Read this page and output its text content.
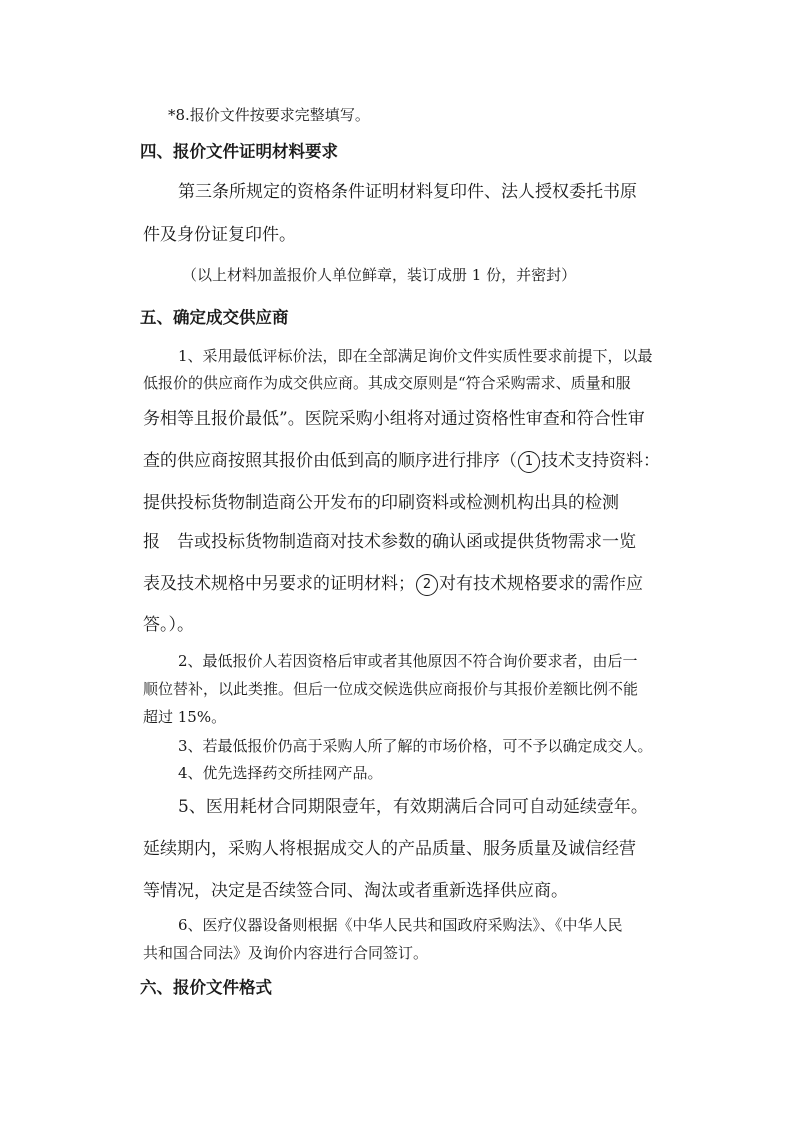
*8.报价文件按要求完整填写。
四、报价文件证明材料要求
第三条所规定的资格条件证明材料复印件、法人授权委托书原
件及身份证复印件。
（以上材料加盖报价人单位鲜章，装订成册 1 份，并密封）
五、确定成交供应商
1、采用最低评标价法，即在全部满足询价文件实质性要求前提下，以最
低报价的供应商作为成交供应商。其成交原则是“符合采购需求、质量和服
务相等且报价最低”。医院采购小组将对通过资格性审查和符合性审
查的供应商按照其报价由低到高的顺序进行排序（ 1 技术支持资料：
提供投标货物制造商公开发布的印刷资料或检测机构出具的检测
报　告或投标货物制造商对技术参数的确认函或提供货物需求一览
表及技术规格中另要求的证明材料； 2 对有技术规格要求的需作应
答。）。
2、最低报价人若因资格后审或者其他原因不符合询价要求者，由后一
顺位替补，以此类推。但后一位成交候选供应商报价与其报价差额比例不能
超过 15%。
3、若最低报价仍高于采购人所了解的市场价格，可不予以确定成交人。
4、优先选择药交所挂网产品。
5、医用耗材合同期限壹年，有效期满后合同可自动延续壹年。
延续期内，采购人将根据成交人的产品质量、服务质量及诚信经营
等情况，决定是否续签合同、淘汰或者重新选择供应商。
6、医疗仪器设备则根据《中华人民共和国政府采购法》、《中华人民
共和国合同法》及询价内容进行合同签订。
六、报价文件格式
